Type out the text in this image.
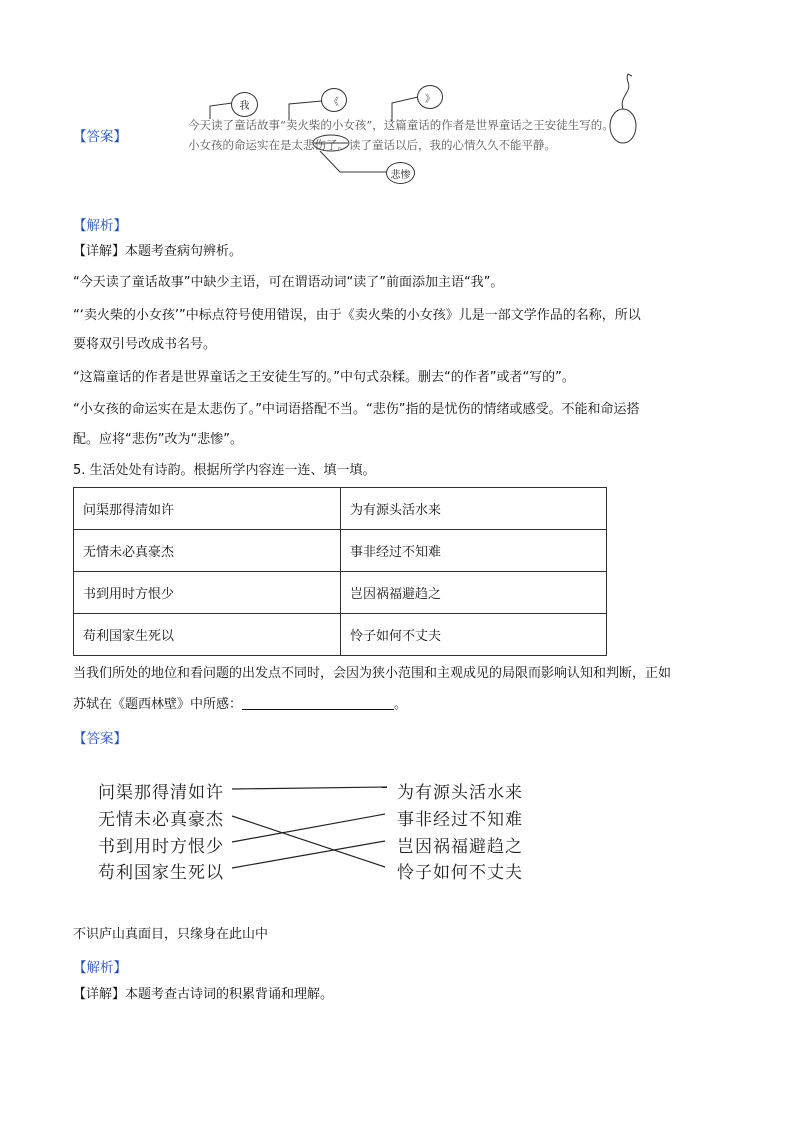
【答案】
今天读了童话故事“卖火柴的小女孩”，这篇童话的作者是世界童话之王安徒生写的。
小女孩的命运实在是太悲伤了。读了童话以后，我的心情久久不能平静。
我	《	》
悲惨
【解析】
【详解】本题考查病句辨析。
“今天读了童话故事”中缺少主语，可在谓语动词“读了”前面添加主语“我”。
“‘卖火柴的小女孩’”中标点符号使用错误，由于《卖火柴的小女孩》儿是一部文学作品的名称，所以
要将双引号改成书名号。
“这篇童话的作者是世界童话之王安徒生写的。”中句式杂糅。删去“的作者”或者“写的”。
“小女孩的命运实在是太悲伤了。”中词语搭配不当。“悲伤”指的是忧伤的情绪或感受。不能和命运搭
配。应将“悲伤”改为“悲惨”。
5. 生活处处有诗韵。根据所学内容连一连、填一填。
问渠那得清如许	为有源头活水来
无情未必真豪杰	事非经过不知难
书到用时方恨少	岂因祸福避趋之
苟利国家生死以	怜子如何不丈夫
当我们所处的地位和看问题的出发点不同时，会因为狭小范围和主观成见的局限而影响认知和判断，正如
苏轼在《题西林壁》中所感：	。
【答案】
问渠那得清如许
无情未必真豪杰
书到用时方恨少
苟利国家生死以
为有源头活水来
事非经过不知难
岂因祸福避趋之
怜子如何不丈夫
不识庐山真面目，只缘身在此山中
【解析】
【详解】本题考查古诗词的积累背诵和理解。
